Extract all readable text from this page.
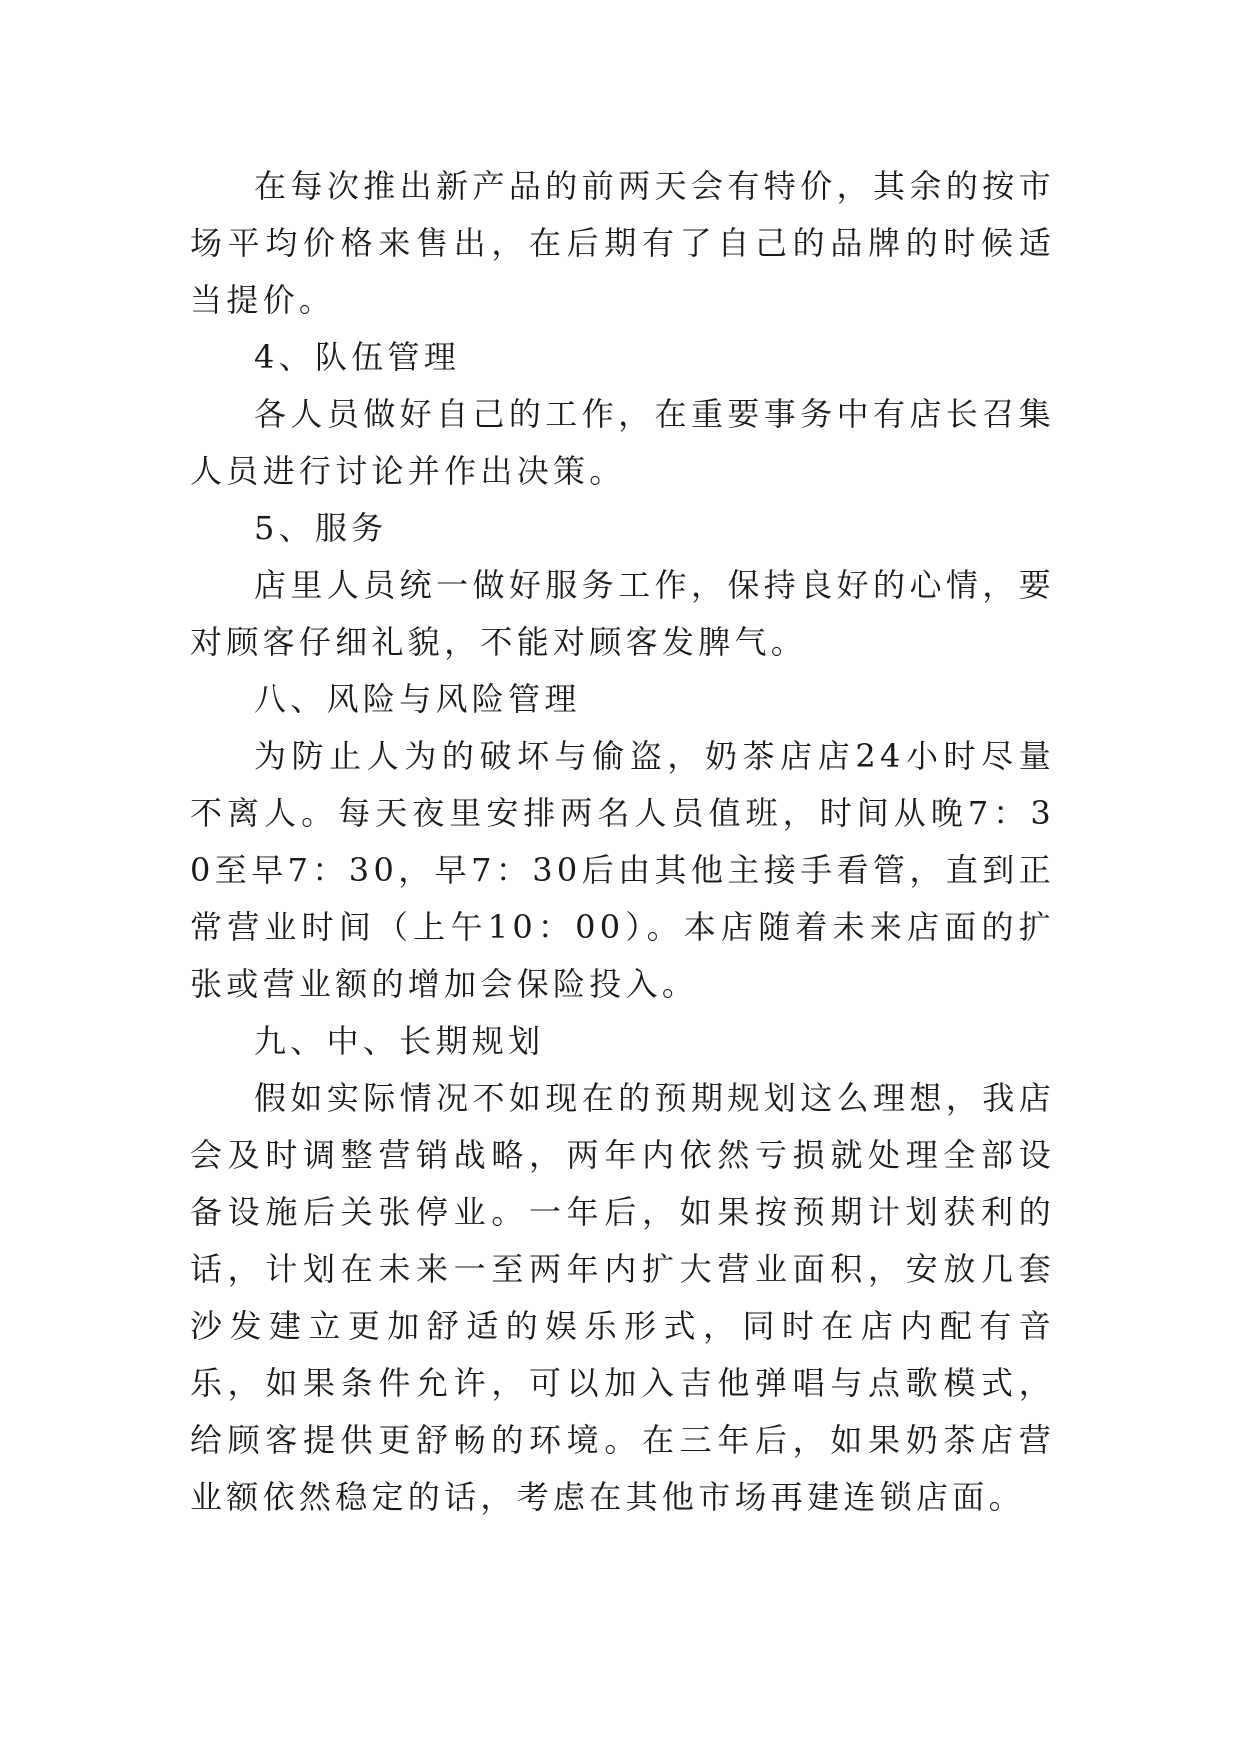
在每次推出新产品的前两天会有特价，其余的按市场平均价格来售出，在后期有了自己的品牌的时候适当提价。

4、队伍管理

各人员做好自己的工作，在重要事务中有店长召集人员进行讨论并作出决策。

5、服务

店里人员统一做好服务工作，保持良好的心情，要对顾客仔细礼貌，不能对顾客发脾气。

八、风险与风险管理

为防止人为的破坏与偷盗，奶茶店店24小时尽量不离人。每天夜里安排两名人员值班，时间从晚7：30至早7：30，早7：30后由其他主接手看管，直到正常营业时间（上午10：00）。本店随着未来店面的扩张或营业额的增加会保险投入。

九、中、长期规划

假如实际情况不如现在的预期规划这么理想，我店会及时调整营销战略，两年内依然亏损就处理全部设备设施后关张停业。一年后，如果按预期计划获利的话，计划在未来一至两年内扩大营业面积，安放几套沙发建立更加舒适的娱乐形式，同时在店内配有音乐，如果条件允许，可以加入吉他弹唱与点歌模式，给顾客提供更舒畅的环境。在三年后，如果奶茶店营业额依然稳定的话，考虑在其他市场再建连锁店面。
